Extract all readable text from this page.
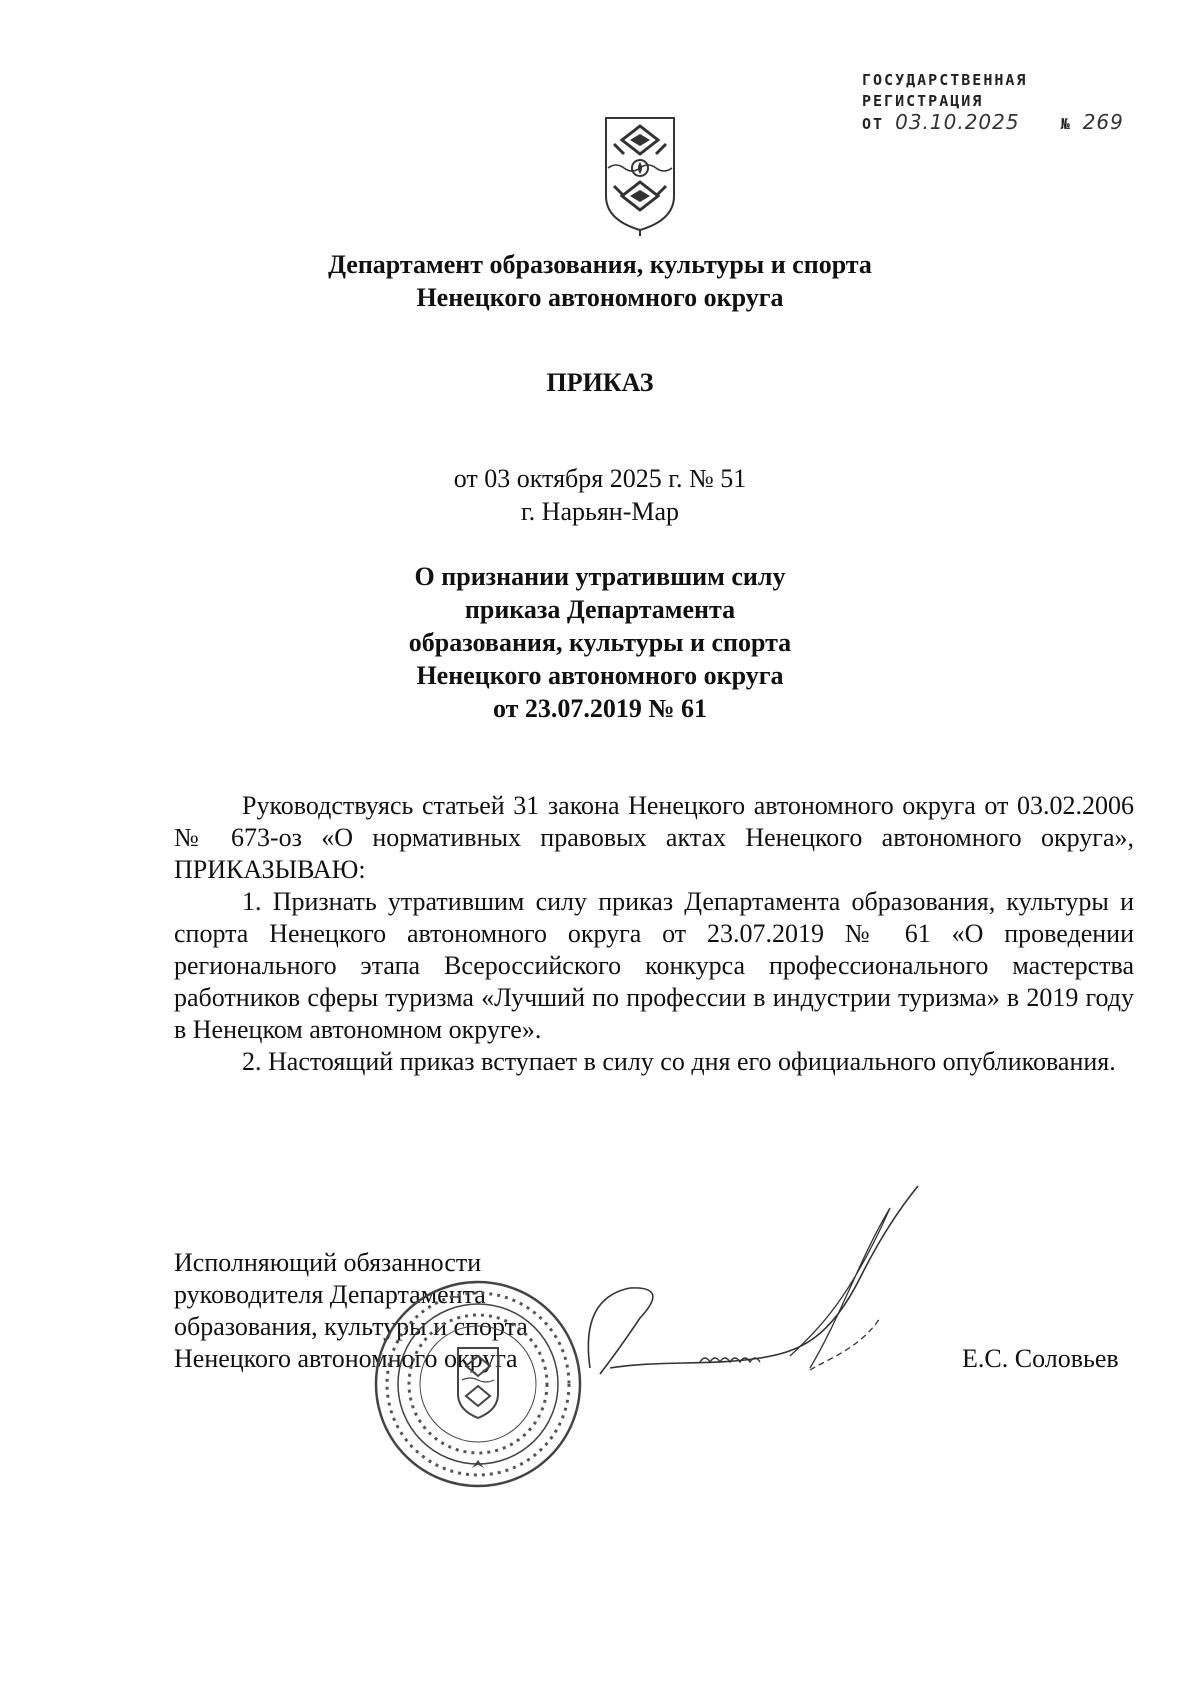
ГОСУДАРСТВЕННАЯ
РЕГИСТРАЦИЯ
ОТ 03.10.2025	№ 269
Департамент образования, культуры и спорта
Ненецкого автономного округа
ПРИКАЗ
от 03 октября 2025 г. № 51
г. Нарьян-Мар
О признании утратившим силу
приказа Департамента
образования, культуры и спорта
Ненецкого автономного округа
от 23.07.2019 № 61

Руководствуясь статьей 31 закона Ненецкого автономного округа от 03.02.2006 № 673-оз «О нормативных правовых актах Ненецкого автономного округа», ПРИКАЗЫВАЮ:

1. Признать утратившим силу приказ Департамента образования, культуры и спорта Ненецкого автономного округа от 23.07.2019 № 61 «О проведении регионального этапа Всероссийского конкурса профессионального мастерства работников сферы туризма «Лучший по профессии в индустрии туризма» в 2019 году в Ненецком автономном округе».

2. Настоящий приказ вступает в силу со дня его официального опубликования.

Исполняющий обязанности
руководителя Департамента
образования, культуры и спорта
Ненецкого автономного округа	Е.С. Соловьев
